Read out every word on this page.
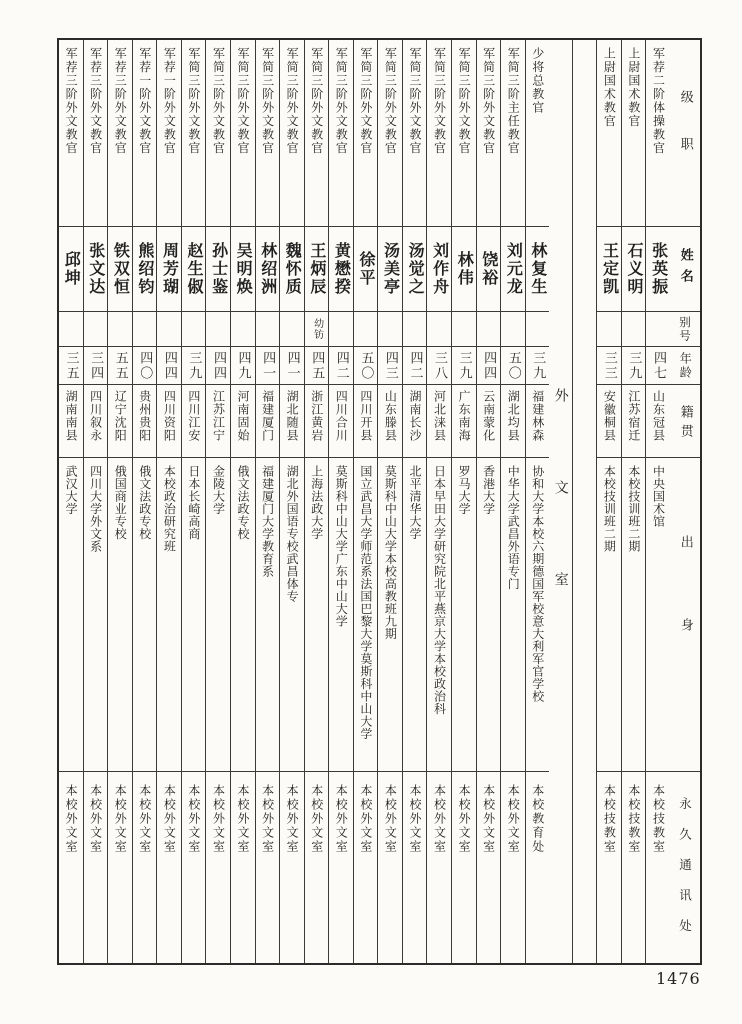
军荐三阶外文教官
邱坤
三五
湖南南县
武汉大学
本校外文室
军荐三阶外文教官
张文达
三四
四川叙永
四川大学外文系
本校外文室
军荐三阶外文教官
铁双恒
五五
辽宁沈阳
俄国商业专校
本校外文室
军荐一阶外文教官
熊绍钧
四〇
贵州贵阳
俄文法政专校
本校外文室
军荐一阶外文教官
周芳瑚
四四
四川资阳
本校政治研究班
本校外文室
军简三阶外文教官
赵生俶
三九
四川江安
日本长崎高商
本校外文室
军简三阶外文教官
孙士鉴
四四
江苏江宁
金陵大学
本校外文室
军简三阶外文教官
吴明焕
四九
河南固始
俄文法政专校
本校外文室
军简三阶外文教官
林绍洲
四一
福建厦门
福建厦门大学教育系
本校外文室
军简三阶外文教官
魏怀质
四一
湖北随县
湖北外国语专校武昌体专
本校外文室
军简三阶外文教官
王炳辰
幼钫
四五
浙江黄岩
上海法政大学
本校外文室
军简三阶外文教官
黄懋揆
四二
四川合川
莫斯科中山大学广东中山大学
本校外文室
军简三阶外文教官
徐平
五〇
四川开县
国立武昌大学师范系法国巴黎大学莫斯科中山大学
本校外文室
军简三阶外文教官
汤美亭
四三
山东滕县
莫斯科中山大学本校高教班九期
本校外文室
军简三阶外文教官
汤觉之
四二
湖南长沙
北平清华大学
本校外文室
军简三阶外文教官
刘作舟
三八
河北涞县
日本早田大学研究院北平燕京大学本校政治科
本校外文室
军简三阶外文教官
林伟
三九
广东南海
罗马大学
本校外文室
军简三阶外文教官
饶裕
四四
云南蒙化
香港大学
本校外文室
军简三阶主任教官
刘元龙
五〇
湖北均县
中华大学武昌外语专门
本校外文室
少将总教官
林复生
三九
福建林森
协和大学本校六期德国军校意大利军官学校
本校教育处
外文室
上尉国术教官
王定凯
三三
安徽桐县
本校技训班二期
本校技教室
上尉国术教官
石义明
三九
江苏宿迁
本校技训班二期
本校技教室
军荐二阶体操教官
张英振
四七
山东冠县
中央国术馆
本校技教室
级职
姓名
别号
年龄
籍贯
出身
永久通讯处
1476
